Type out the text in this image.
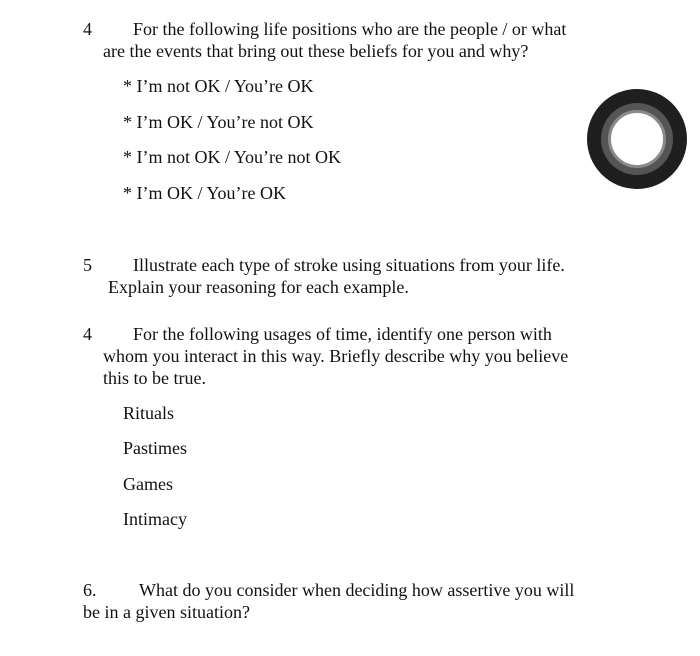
4 For the following life positions who are the people / or what
are the events that bring out these beliefs for you and why?
* I’m not OK / You’re OK
* I’m OK / You’re not OK
* I’m not OK / You’re not OK
* I’m OK / You’re OK
5 Illustrate each type of stroke using situations from your life.
Explain your reasoning for each example.
4 For the following usages of time, identify one person with
whom you interact in this way. Briefly describe why you believe
this to be true.
Rituals
Pastimes
Games
Intimacy
6. What do you consider when deciding how assertive you will
be in a given situation?
